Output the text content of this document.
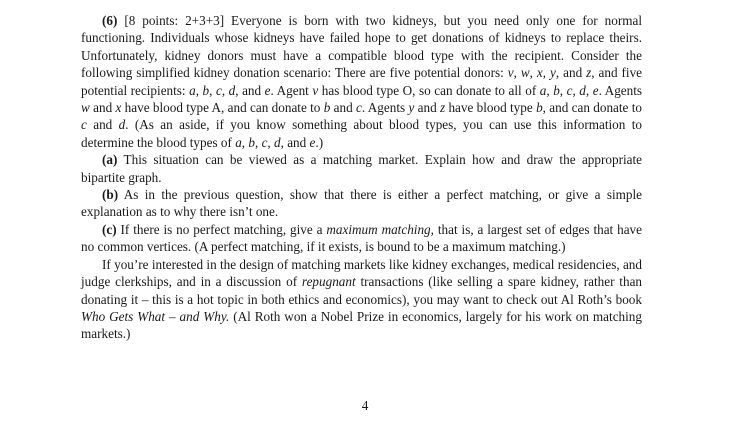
(6) [8 points: 2+3+3] Everyone is born with two kidneys, but you need only one for normal functioning. Individuals whose kidneys have failed hope to get donations of kidneys to replace theirs. Unfortunately, kidney donors must have a compatible blood type with the recipient. Consider the following simplified kidney donation scenario: There are five potential donors: v, w, x, y, and z, and five potential recipients: a, b, c, d, and e. Agent v has blood type O, so can donate to all of a, b, c, d, e. Agents w and x have blood type A, and can donate to b and c. Agents y and z have blood type b, and can donate to c and d. (As an aside, if you know something about blood types, you can use this information to determine the blood types of a, b, c, d, and e.)

(a) This situation can be viewed as a matching market. Explain how and draw the appropriate bipartite graph.

(b) As in the previous question, show that there is either a perfect matching, or give a simple explanation as to why there isn’t one.

(c) If there is no perfect matching, give a maximum matching, that is, a largest set of edges that have no common vertices. (A perfect matching, if it exists, is bound to be a maximum matching.)

If you’re interested in the design of matching markets like kidney exchanges, medical residencies, and judge clerkships, and in a discussion of repugnant transactions (like selling a spare kidney, rather than donating it – this is a hot topic in both ethics and economics), you may want to check out Al Roth’s book Who Gets What – and Why. (Al Roth won a Nobel Prize in economics, largely for his work on matching markets.)

4
